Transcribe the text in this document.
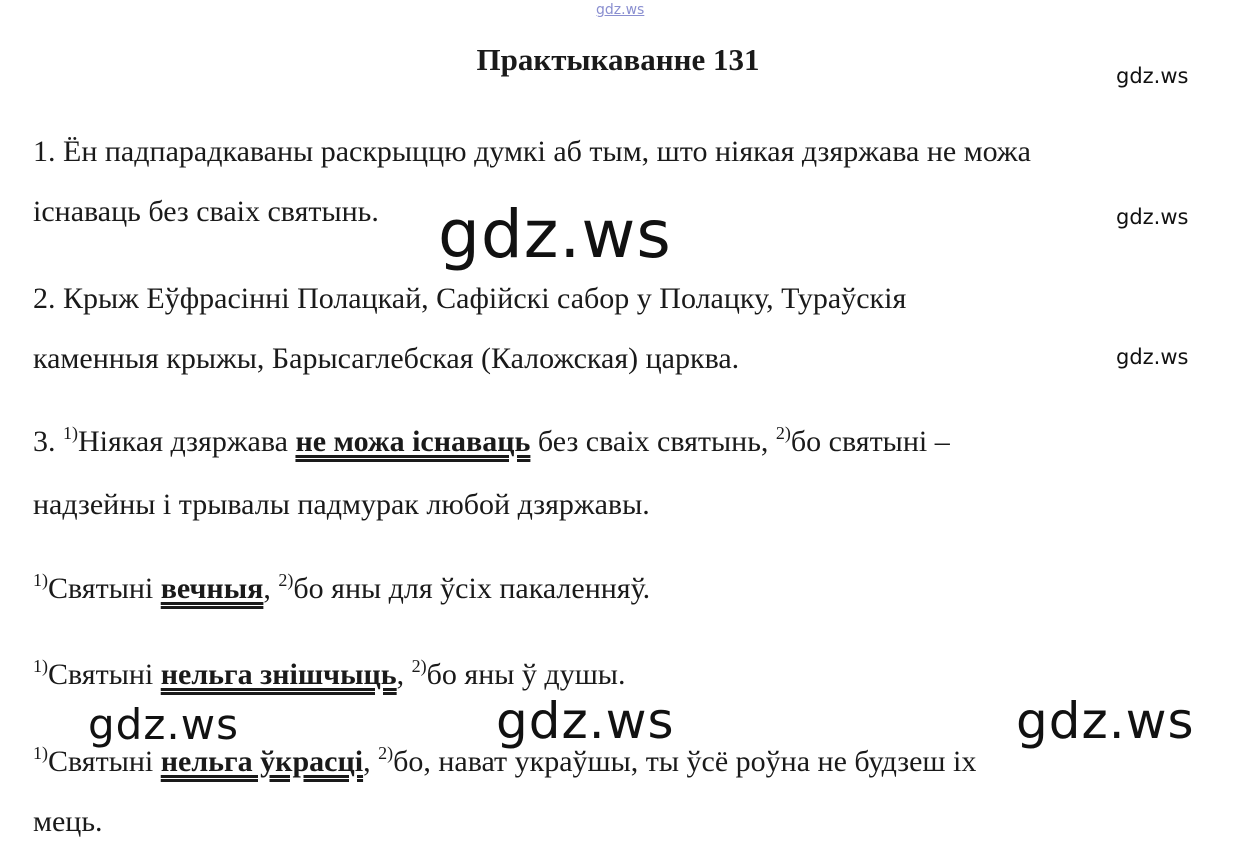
gdz.ws
Практыкаванне 131	gdz.ws
gdz.ws
gdz.ws
1. Ён падпарадкаваны раскрыццю думкі аб тым, што ніякая дзяржава не можа
існаваць без сваіх святынь. gdz.ws
2. Крыж Еўфрасінні Полацкай, Сафійскі сабор у Полацку, Тураўскія
каменныя крыжы, Барысаглебская (Каложская) царква.
3. $^{1)}$Ніякая дзяржава не можа існаваць без сваіх святынь, $^{2)}$бо святыні –
надзейны і трывалы падмурак любой дзяржавы.
$^{1)}$Святыні вечныя, $^{2)}$бо яны для ўсіх пакаленняў.
$^{1)}$Святыні нельга знішчыць, $^{2)}$бо яны ў душы.
gdz.ws	gdz.ws	gdz.ws
$^{1)}$Святыні нельга ўкрасці, $^{2)}$бо, нават украўшы, ты ўсё роўна не будзеш іх
мець.
